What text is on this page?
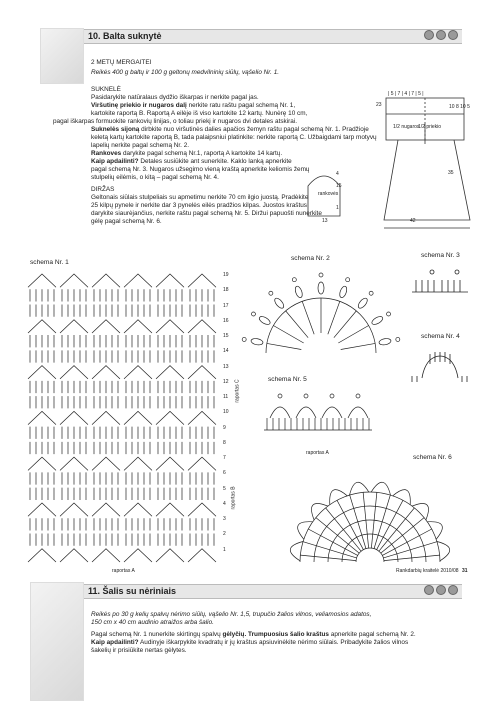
10. Balta suknytė
2 METŲ MERGAITEI
Reikės 400 g baltų ir 100 g geltonų medvilninių siūlų, vąšelio Nr. 1.
SUKNELĖ
Pasidarykite natūralaus dydžio iškarpas ir nerkite pagal jas.
Viršutinę priekio ir nugaros dalį nerkite ratu raštu pagal schemą Nr. 1,
kartokite raportą B. Raportą A eilėje iš viso kartokite 12 kartų. Nunėrę 10 cm,
pagal iškarpas formuokite rankovių linijas, o toliau priekį ir nugaros dvi detales atskirai.
Suknelės sijoną dirbkite nuo viršutinės dalies apačios žemyn raštu pagal schemą Nr. 1. Pradžioje
keletą kartų kartokite raportą B, tada palaipsniui platinkite: nerkite raportą C. Užbaigdami tarp motyvų
lapelių nerkite pagal schemą Nr. 2.
Rankoves darykite pagal schemą Nr.1, raportą A kartokite 14 kartų.
Kaip apdailinti? Detales susiūkite ant sunerkite. Kaklo lanką apnerkite
pagal schemą Nr. 3. Nugaros užsegimo vieną kraštą apnerkite keliomis žemų
stulpelių eilėmis, o kitą – pagal schemą Nr. 4.
DIRŽAS
Geltonais siūlais stulpeliais su apmetimu nerkite 70 cm ilgio juostą. Pradėkite
25 kilpų pynele ir nerkite dar 3 pynelės eilės pradžios kilpas. Juostos kraštus
darykite siaurėjančius, nerkite raštu pagal schemą Nr. 5. Diržui papuošti nunerkite
gėlę pagal schemą Nr. 6.
| 5 | 7 | 4 | 7 | 5 |
23	10 8 10 5
1/2 nugaros
1/2 priekio
rankovės
4
15
1
13	42
35
schema Nr. 1
19
18
17
16
15
14
13
12
11
10
9
8
7
6
5
4
3
2
1
raportas C
raportas B
raportas A
schema Nr. 2	schema Nr. 3
schema Nr. 4
schema Nr. 5
raportas A
schema Nr. 6
11. Šalis su nėriniais
Reikės po 30 g kelių spalvų nėrimo siūlų, vąšelio Nr. 1,5, trupučio žalios vilnos, veliamosios adatos,
150 cm x 40 cm audinio atraižos arba šalio.
Pagal schemą Nr. 1 nunerkite skirtingų spalvų gėlyčių. Trumpuosius šalio kraštus apnerkite pagal schemą Nr. 2.
Kaip apdailinti? Audinyje iškarpykite kvadratų ir jų kraštus apsiuvinėkite nėrimo siūlais. Pribadykite žalios vilnos
šakelių ir prisiūkite nertas gėlytes.
Rankdarbių kraitelė 2010/08 31
